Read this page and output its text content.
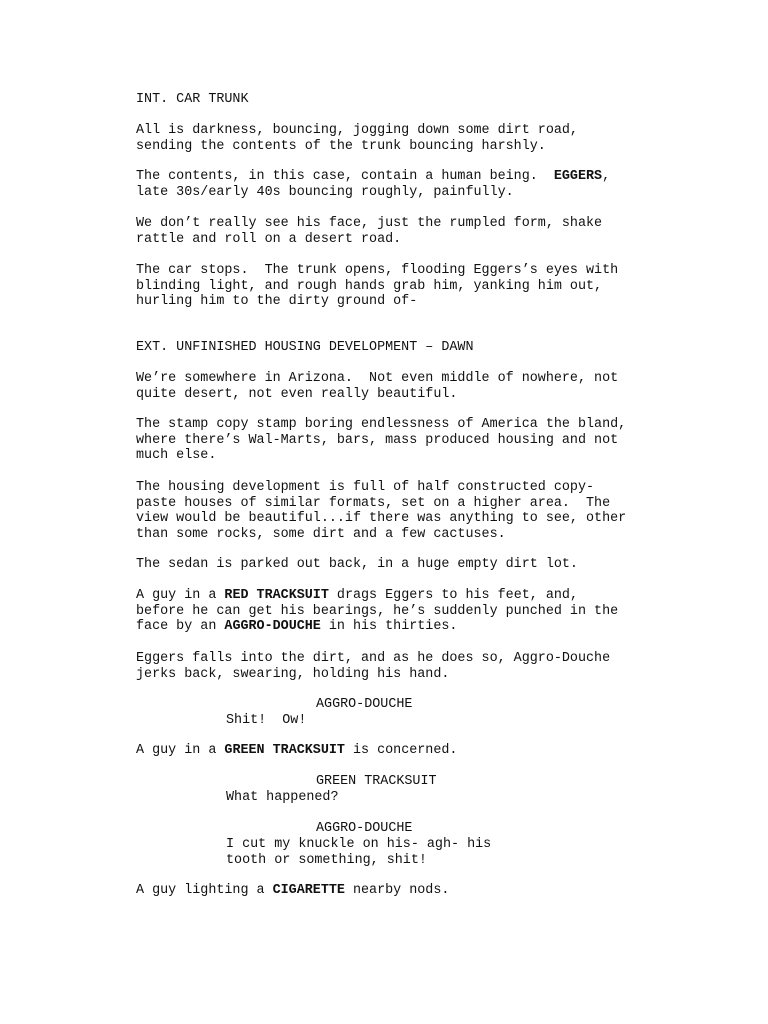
INT. CAR TRUNK
All is darkness, bouncing, jogging down some dirt road,
sending the contents of the trunk bouncing harshly.
The contents, in this case, contain a human being.  EGGERS,
late 30s/early 40s bouncing roughly, painfully.
We don’t really see his face, just the rumpled form, shake
rattle and roll on a desert road.
The car stops.  The trunk opens, flooding Eggers’s eyes with
blinding light, and rough hands grab him, yanking him out,
hurling him to the dirty ground of-
EXT. UNFINISHED HOUSING DEVELOPMENT – DAWN
We’re somewhere in Arizona.  Not even middle of nowhere, not
quite desert, not even really beautiful.
The stamp copy stamp boring endlessness of America the bland,
where there’s Wal-Marts, bars, mass produced housing and not
much else.
The housing development is full of half constructed copy-
paste houses of similar formats, set on a higher area.  The
view would be beautiful...if there was anything to see, other
than some rocks, some dirt and a few cactuses.
The sedan is parked out back, in a huge empty dirt lot.
A guy in a RED TRACKSUIT drags Eggers to his feet, and,
before he can get his bearings, he’s suddenly punched in the
face by an AGGRO-DOUCHE in his thirties.
Eggers falls into the dirt, and as he does so, Aggro-Douche
jerks back, swearing, holding his hand.
AGGRO-DOUCHE
Shit!  Ow!
A guy in a GREEN TRACKSUIT is concerned.
GREEN TRACKSUIT
What happened?
AGGRO-DOUCHE
I cut my knuckle on his- agh- his
tooth or something, shit!
A guy lighting a CIGARETTE nearby nods.
